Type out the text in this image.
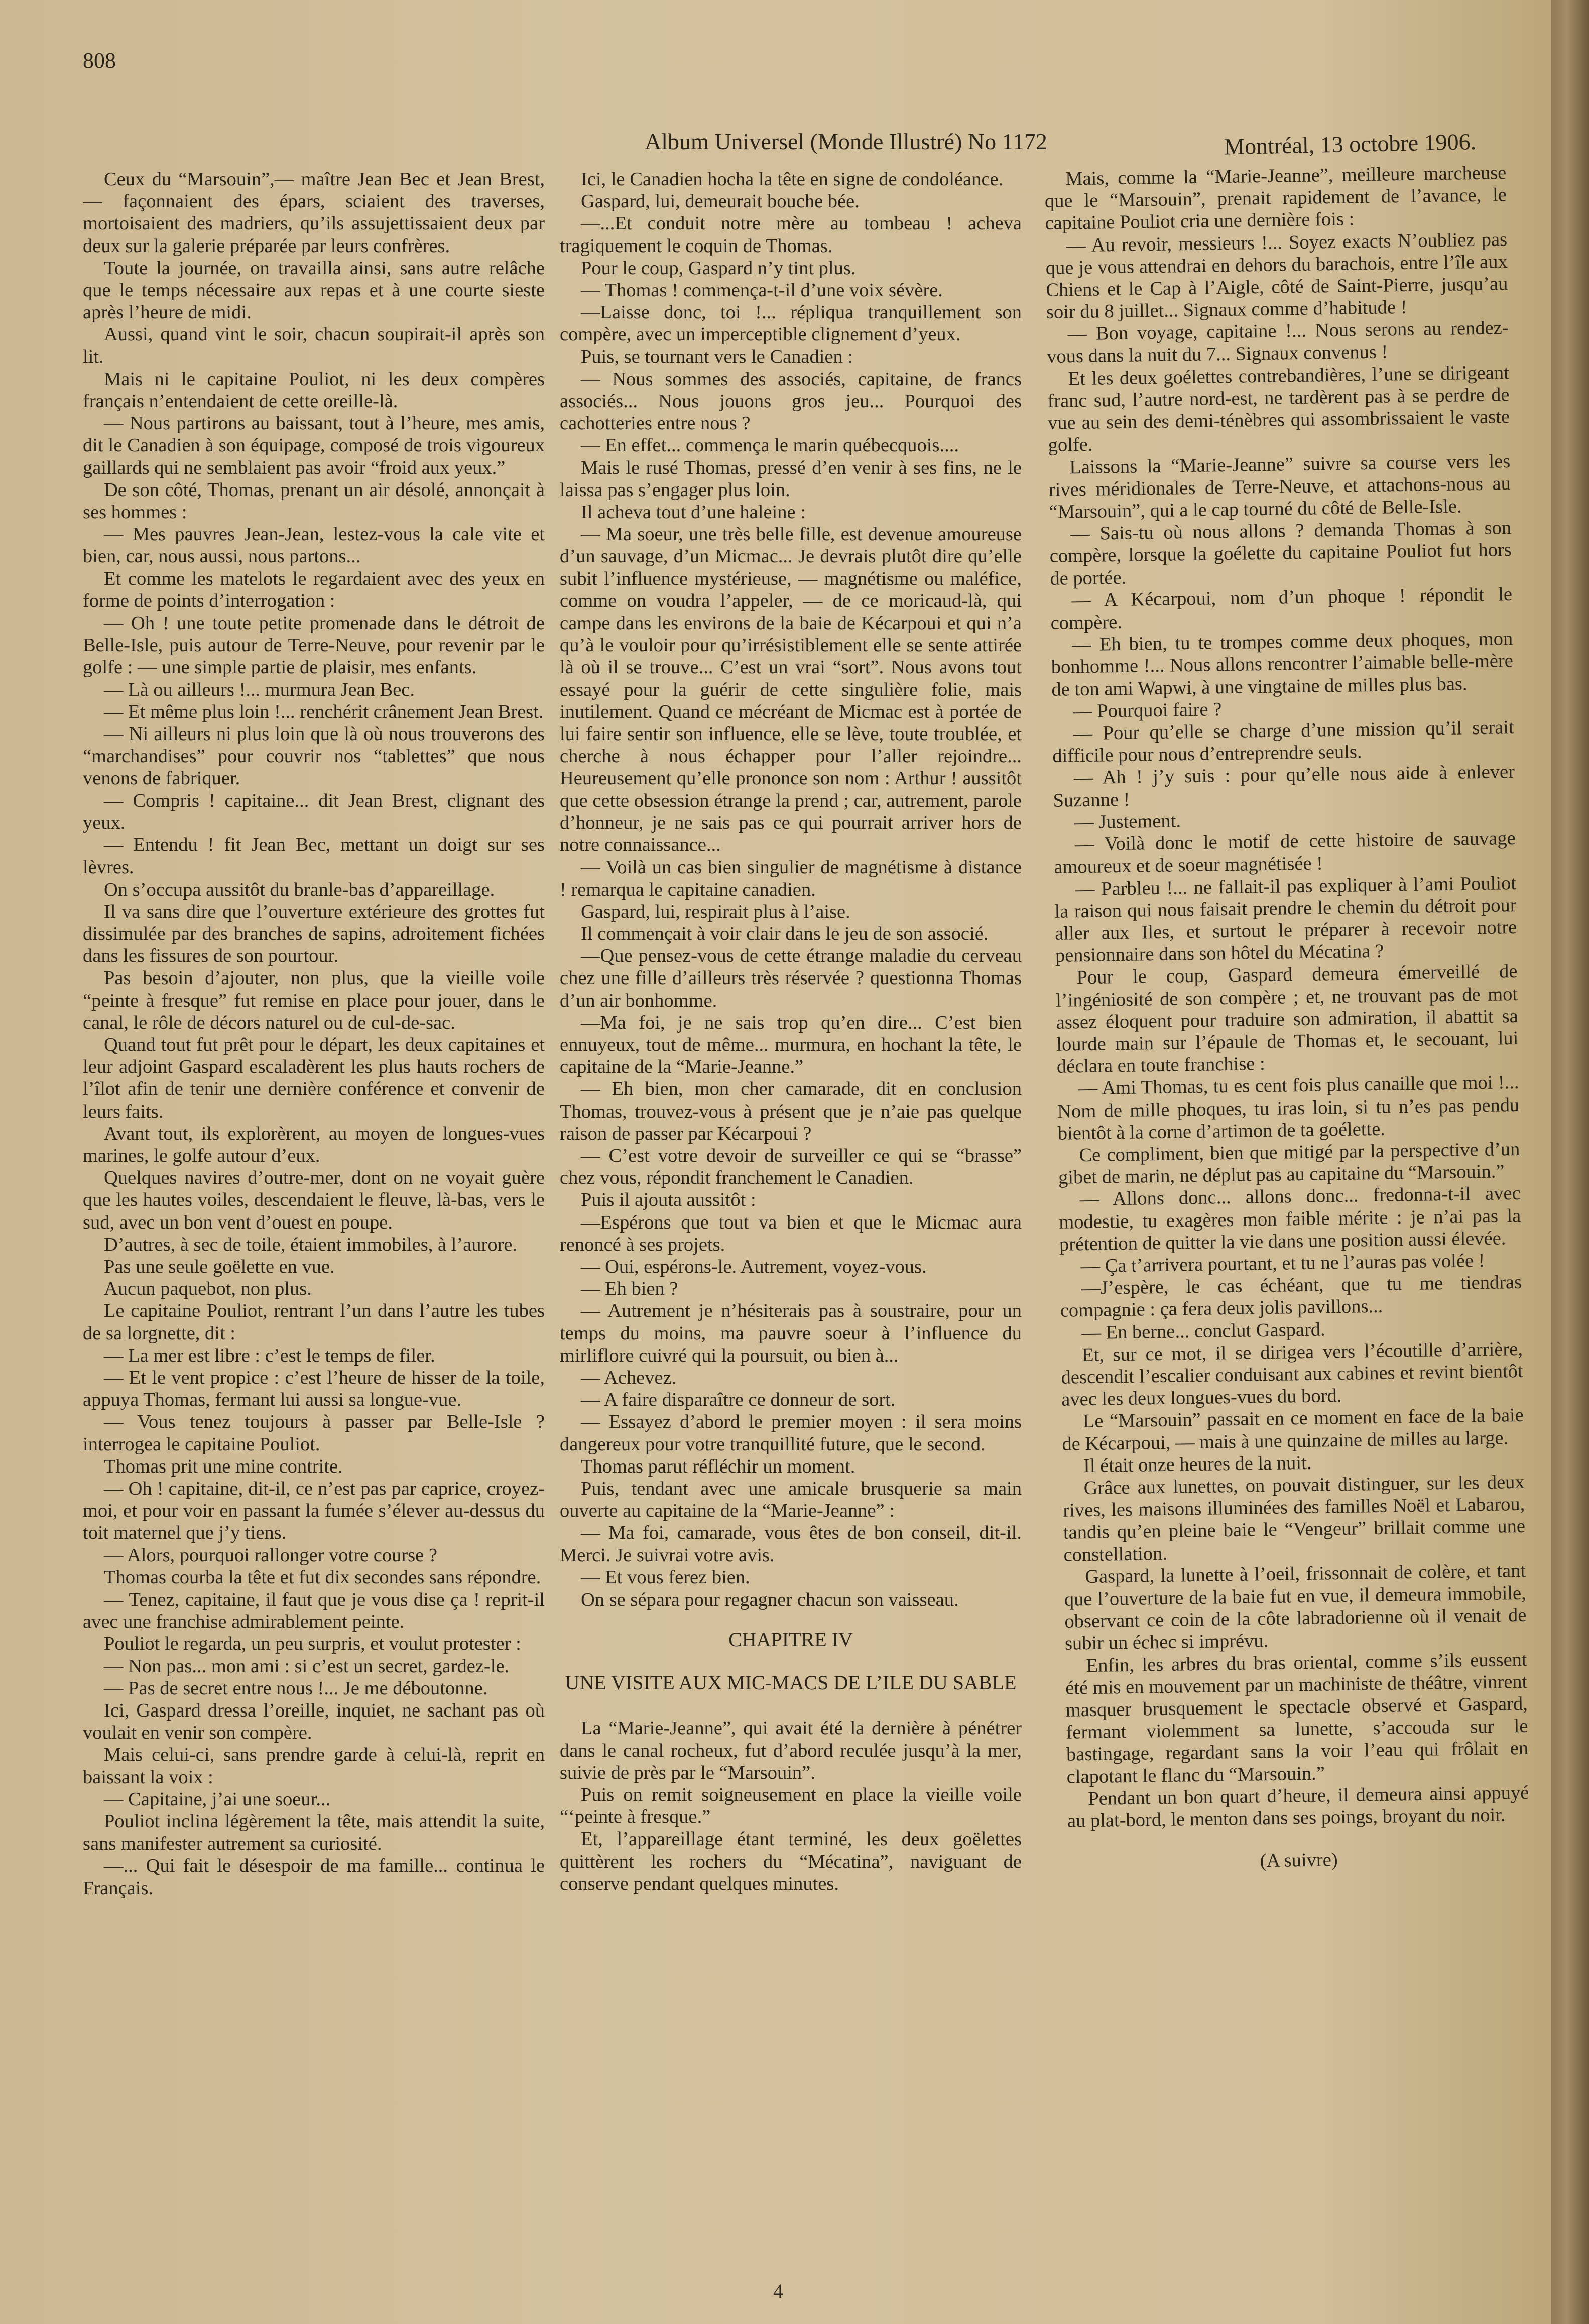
808
Album Universel (Monde Illustré) No 1172	Montréal, 13 octobre 1906.

Ceux du “Marsouin”,— maître Jean Bec et Jean Brest, — façonnaient des épars, sciaient des traverses, mortoisaient des madriers, qu’ils assujettissaient deux par deux sur la galerie préparée par leurs confrères.

Toute la journée, on travailla ainsi, sans autre relâche que le temps nécessaire aux repas et à une courte sieste après l’heure de midi.

Aussi, quand vint le soir, chacun soupirait-il après son lit.

Mais ni le capitaine Pouliot, ni les deux compères français n’entendaient de cette oreille-là.

— Nous partirons au baissant, tout à l’heure, mes amis, dit le Canadien à son équipage, composé de trois vigoureux gaillards qui ne semblaient pas avoir “froid aux yeux.”

De son côté, Thomas, prenant un air désolé, annonçait à ses hommes :

— Mes pauvres Jean-Jean, lestez-vous la cale vite et bien, car, nous aussi, nous partons...

Et comme les matelots le regardaient avec des yeux en forme de points d’interrogation :

— Oh ! une toute petite promenade dans le détroit de Belle-Isle, puis autour de Terre-Neuve, pour revenir par le golfe : — une simple partie de plaisir, mes enfants.

— Là ou ailleurs !... murmura Jean Bec.

— Et même plus loin !... renchérit crânement Jean Brest.

— Ni ailleurs ni plus loin que là où nous trouverons des “marchandises” pour couvrir nos “tablettes” que nous venons de fabriquer.

— Compris ! capitaine... dit Jean Brest, clignant des yeux.

— Entendu ! fit Jean Bec, mettant un doigt sur ses lèvres.

On s’occupa aussitôt du branle-bas d’appareillage.

Il va sans dire que l’ouverture extérieure des grottes fut dissimulée par des branches de sapins, adroitement fichées dans les fissures de son pourtour.

Pas besoin d’ajouter, non plus, que la vieille voile “peinte à fresque” fut remise en place pour jouer, dans le canal, le rôle de décors naturel ou de cul-de-sac.

Quand tout fut prêt pour le départ, les deux capitaines et leur adjoint Gaspard escaladèrent les plus hauts rochers de l’îlot afin de tenir une dernière conférence et convenir de leurs faits.

Avant tout, ils explorèrent, au moyen de longues-vues marines, le golfe autour d’eux.

Quelques navires d’outre-mer, dont on ne voyait guère que les hautes voiles, descendaient le fleuve, là-bas, vers le sud, avec un bon vent d’ouest en poupe.

D’autres, à sec de toile, étaient immobiles, à l’aurore.

Pas une seule goëlette en vue.

Aucun paquebot, non plus.

Le capitaine Pouliot, rentrant l’un dans l’autre les tubes de sa lorgnette, dit :

— La mer est libre : c’est le temps de filer.

— Et le vent propice : c’est l’heure de hisser de la toile, appuya Thomas, fermant lui aussi sa longue-vue.

— Vous tenez toujours à passer par Belle-Isle ? interrogea le capitaine Pouliot.

Thomas prit une mine contrite.

— Oh ! capitaine, dit-il, ce n’est pas par caprice, croyez-moi, et pour voir en passant la fumée s’élever au-dessus du toit maternel que j’y tiens.

— Alors, pourquoi rallonger votre course ?

Thomas courba la tête et fut dix secondes sans répondre.

— Tenez, capitaine, il faut que je vous dise ça ! reprit-il avec une franchise admirablement peinte.

Pouliot le regarda, un peu surpris, et voulut protester :

— Non pas... mon ami : si c’est un secret, gardez-le.

— Pas de secret entre nous !... Je me déboutonne.

Ici, Gaspard dressa l’oreille, inquiet, ne sachant pas où voulait en venir son compère.

Mais celui-ci, sans prendre garde à celui-là, reprit en baissant la voix :

— Capitaine, j’ai une soeur...

Pouliot inclina légèrement la tête, mais attendit la suite, sans manifester autrement sa curiosité.

—... Qui fait le désespoir de ma famille... continua le Français.

Ici, le Canadien hocha la tête en signe de condoléance.

Gaspard, lui, demeurait bouche bée.

—...Et conduit notre mère au tombeau ! acheva tragiquement le coquin de Thomas.

Pour le coup, Gaspard n’y tint plus.

— Thomas ! commença-t-il d’une voix sévère.

—Laisse donc, toi !... répliqua tranquillement son compère, avec un imperceptible clignement d’yeux.

Puis, se tournant vers le Canadien :

— Nous sommes des associés, capitaine, de francs associés... Nous jouons gros jeu... Pourquoi des cachotteries entre nous ?

— En effet... commença le marin québecquois....

Mais le rusé Thomas, pressé d’en venir à ses fins, ne le laissa pas s’engager plus loin.

Il acheva tout d’une haleine :

— Ma soeur, une très belle fille, est devenue amoureuse d’un sauvage, d’un Micmac... Je devrais plutôt dire qu’elle subit l’influence mystérieuse, — magnétisme ou maléfice, comme on voudra l’appeler, — de ce moricaud-là, qui campe dans les environs de la baie de Kécarpoui et qui n’a qu’à le vouloir pour qu’irrésistiblement elle se sente attirée là où il se trouve... C’est un vrai “sort”. Nous avons tout essayé pour la guérir de cette singulière folie, mais inutilement. Quand ce mécréant de Micmac est à portée de lui faire sentir son influence, elle se lève, toute troublée, et cherche à nous échapper pour l’aller rejoindre... Heureusement qu’elle prononce son nom : Arthur ! aussitôt que cette obsession étrange la prend ; car, autrement, parole d’honneur, je ne sais pas ce qui pourrait arriver hors de notre connaissance...

— Voilà un cas bien singulier de magnétisme à distance ! remarqua le capitaine canadien.

Gaspard, lui, respirait plus à l’aise.

Il commençait à voir clair dans le jeu de son associé.

—Que pensez-vous de cette étrange maladie du cerveau chez une fille d’ailleurs très réservée ? questionna Thomas d’un air bonhomme.

—Ma foi, je ne sais trop qu’en dire... C’est bien ennuyeux, tout de même... murmura, en hochant la tête, le capitaine de la “Marie-Jeanne.”

— Eh bien, mon cher camarade, dit en conclusion Thomas, trouvez-vous à présent que je n’aie pas quelque raison de passer par Kécarpoui ?

— C’est votre devoir de surveiller ce qui se “brasse” chez vous, répondit franchement le Canadien.

Puis il ajouta aussitôt :

—Espérons que tout va bien et que le Micmac aura renoncé à ses projets.

— Oui, espérons-le. Autrement, voyez-vous.

— Eh bien ?

— Autrement je n’hésiterais pas à soustraire, pour un temps du moins, ma pauvre soeur à l’influence du mirliflore cuivré qui la poursuit, ou bien à...

— Achevez.

— A faire disparaître ce donneur de sort.

— Essayez d’abord le premier moyen : il sera moins dangereux pour votre tranquillité future, que le second.

Thomas parut réfléchir un moment.

Puis, tendant avec une amicale brusquerie sa main ouverte au capitaine de la “Marie-Jeanne” :

— Ma foi, camarade, vous êtes de bon conseil, dit-il. Merci. Je suivrai votre avis.

— Et vous ferez bien.

On se sépara pour regagner chacun son vaisseau.

CHAPITRE IV

UNE VISITE AUX MIC-MACS DE L’ILE DU SABLE

La “Marie-Jeanne”, qui avait été la dernière à pénétrer dans le canal rocheux, fut d’abord reculée jusqu’à la mer, suivie de près par le “Marsouin”.

Puis on remit soigneusement en place la vieille voile “‘peinte à fresque.”

Et, l’appareillage étant terminé, les deux goëlettes quittèrent les rochers du “Mécatina”, naviguant de conserve pendant quelques minutes.

Mais, comme la “Marie-Jeanne”, meilleure marcheuse que le “Marsouin”, prenait rapidement de l’avance, le capitaine Pouliot cria une dernière fois :

— Au revoir, messieurs !... Soyez exacts N’oubliez pas que je vous attendrai en dehors du barachois, entre l’île aux Chiens et le Cap à l’Aigle, côté de Saint-Pierre, jusqu’au soir du 8 juillet... Signaux comme d’habitude !

— Bon voyage, capitaine !... Nous serons au rendez-vous dans la nuit du 7... Signaux convenus !

Et les deux goélettes contrebandières, l’une se dirigeant franc sud, l’autre nord-est, ne tardèrent pas à se perdre de vue au sein des demi-ténèbres qui assombrissaient le vaste golfe.

Laissons la “Marie-Jeanne” suivre sa course vers les rives méridionales de Terre-Neuve, et attachons-nous au “Marsouin”, qui a le cap tourné du côté de Belle-Isle.

— Sais-tu où nous allons ? demanda Thomas à son compère, lorsque la goélette du capitaine Pouliot fut hors de portée.

— A Kécarpoui, nom d’un phoque ! répondit le compère.

— Eh bien, tu te trompes comme deux phoques, mon bonhomme !... Nous allons rencontrer l’aimable belle-mère de ton ami Wapwi, à une vingtaine de milles plus bas.

— Pourquoi faire ?

— Pour qu’elle se charge d’une mission qu’il serait difficile pour nous d’entreprendre seuls.

— Ah ! j’y suis : pour qu’elle nous aide à enlever Suzanne !

— Justement.

— Voilà donc le motif de cette histoire de sauvage amoureux et de soeur magnétisée !

— Parbleu !... ne fallait-il pas expliquer à l’ami Pouliot la raison qui nous faisait prendre le chemin du détroit pour aller aux Iles, et surtout le préparer à recevoir notre pensionnaire dans son hôtel du Mécatina ?

Pour le coup, Gaspard demeura émerveillé de l’ingéniosité de son compère ; et, ne trouvant pas de mot assez éloquent pour traduire son admiration, il abattit sa lourde main sur l’épaule de Thomas et, le secouant, lui déclara en toute franchise :

— Ami Thomas, tu es cent fois plus canaille que moi !... Nom de mille phoques, tu iras loin, si tu n’es pas pendu bientôt à la corne d’artimon de ta goélette.

Ce compliment, bien que mitigé par la perspective d’un gibet de marin, ne déplut pas au capitaine du “Marsouin.”

— Allons donc... allons donc... fredonna-t-il avec modestie, tu exagères mon faible mérite : je n’ai pas la prétention de quitter la vie dans une position aussi élevée.

— Ça t’arrivera pourtant, et tu ne l’auras pas volée !

—J’espère, le cas échéant, que tu me tiendras compagnie : ça fera deux jolis pavillons...

— En berne... conclut Gaspard.

Et, sur ce mot, il se dirigea vers l’écoutille d’arrière, descendit l’escalier conduisant aux cabines et revint bientôt avec les deux longues-vues du bord.

Le “Marsouin” passait en ce moment en face de la baie de Kécarpoui, — mais à une quinzaine de milles au large.

Il était onze heures de la nuit.

Grâce aux lunettes, on pouvait distinguer, sur les deux rives, les maisons illuminées des familles Noël et Labarou, tandis qu’en pleine baie le “Vengeur” brillait comme une constellation.

Gaspard, la lunette à l’oeil, frissonnait de colère, et tant que l’ouverture de la baie fut en vue, il demeura immobile, observant ce coin de la côte labradorienne où il venait de subir un échec si imprévu.

Enfin, les arbres du bras oriental, comme s’ils eussent été mis en mouvement par un machiniste de théâtre, vinrent masquer brusquement le spectacle observé et Gaspard, fermant violemment sa lunette, s’accouda sur le bastingage, regardant sans la voir l’eau qui frôlait en clapotant le flanc du “Marsouin.”

Pendant un bon quart d’heure, il demeura ainsi appuyé au plat-bord, le menton dans ses poings, broyant du noir.

(A suivre)

4
